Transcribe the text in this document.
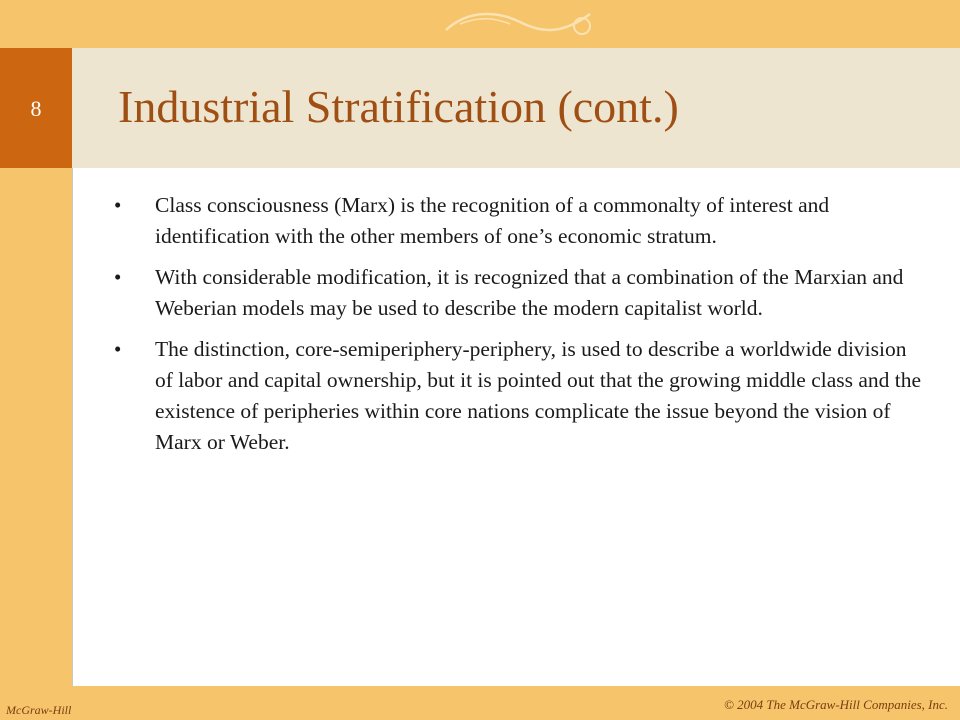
8	Industrial Stratification (cont.)
•	Class consciousness (Marx) is the recognition of a commonalty of interest and identification with the other members of one’s economic stratum.
•	With considerable modification, it is recognized that a combination of the Marxian and Weberian models may be used to describe the modern capitalist world.
•	The distinction, core-semiperiphery-periphery, is used to describe a worldwide division of labor and capital ownership, but it is pointed out that the growing middle class and the existence of peripheries within core nations complicate the issue beyond the vision of Marx or Weber.
McGraw-Hill	© 2004 The McGraw-Hill Companies, Inc.
